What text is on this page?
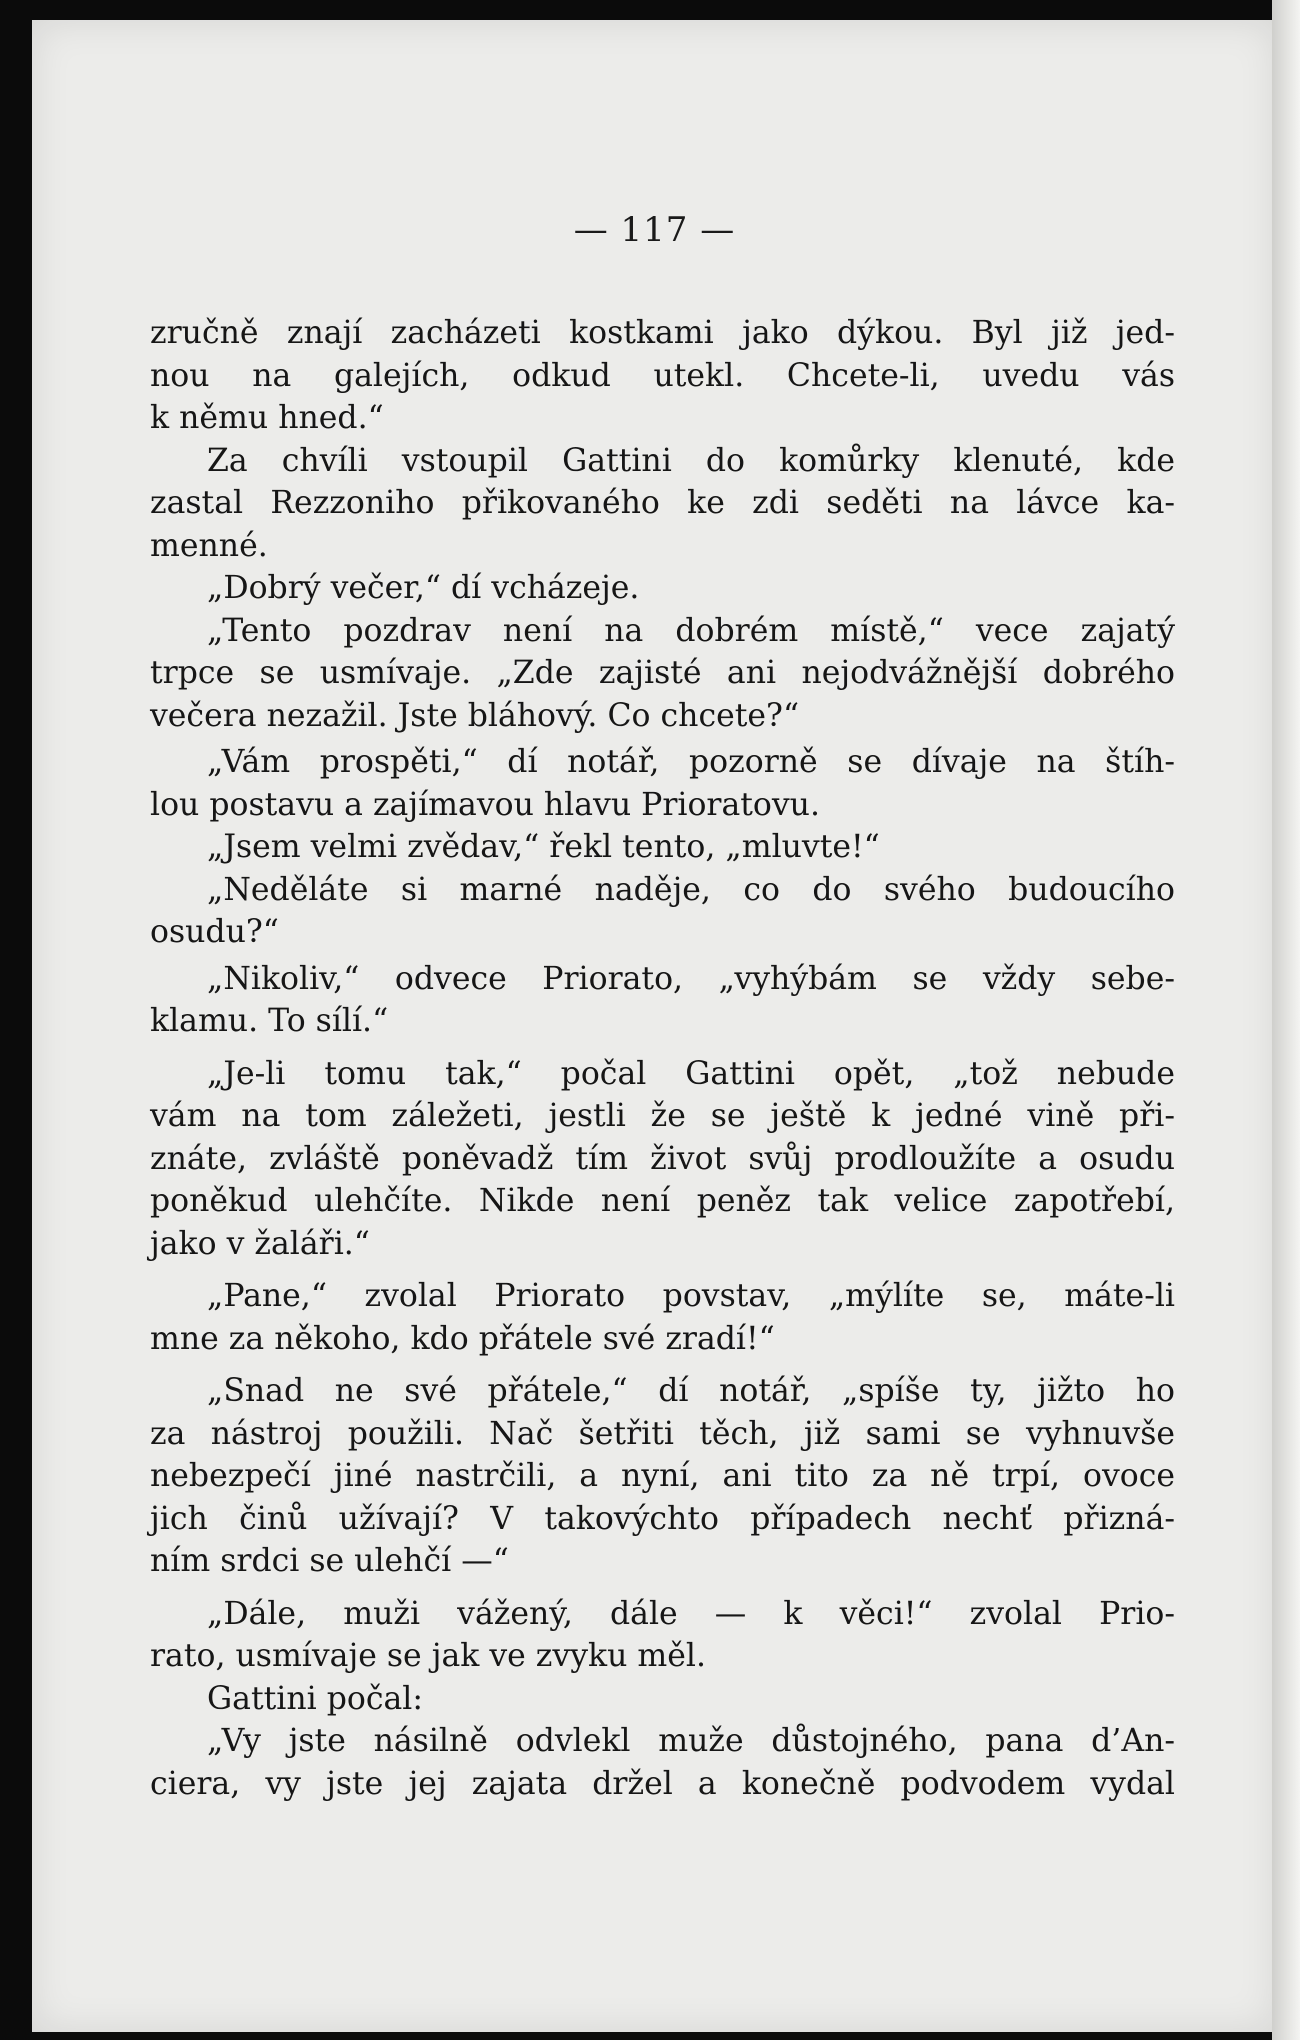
— 117 —
zručně znají zacházeti kostkami jako dýkou. Byl již jed-
nou na galejích, odkud utekl. Chcete-li, uvedu vás
k němu hned.“
Za chvíli vstoupil Gattini do komůrky klenuté, kde
zastal Rezzoniho přikovaného ke zdi seděti na lávce ka-
menné.
„Dobrý večer,“ dí vcházeje.
„Tento pozdrav není na dobrém místě,“ vece zajatý
trpce se usmívaje. „Zde zajisté ani nejodvážnější dobrého
večera nezažil. Jste bláhový. Co chcete?“
„Vám prospěti,“ dí notář, pozorně se dívaje na štíh-
lou postavu a zajímavou hlavu Prioratovu.
„Jsem velmi zvědav,“ řekl tento, „mluvte!“
„Neděláte si marné naděje, co do svého budoucího
osudu?“
„Nikoliv,“ odvece Priorato, „vyhýbám se vždy sebe-
klamu. To sílí.“
„Je-li tomu tak,“ počal Gattini opět, „tož nebude
vám na tom záležeti, jestli že se ještě k jedné vině při-
znáte, zvláště poněvadž tím život svůj prodloužíte a osudu
poněkud ulehčíte. Nikde není peněz tak velice zapotřebí,
jako v žaláři.“
„Pane,“ zvolal Priorato povstav, „mýlíte se, máte-li
mne za někoho, kdo přátele své zradí!“
„Snad ne své přátele,“ dí notář, „spíše ty, jižto ho
za nástroj použili. Nač šetřiti těch, již sami se vyhnuvše
nebezpečí jiné nastrčili, a nyní, ani tito za ně trpí, ovoce
jich činů užívají? V takovýchto případech nechť přizná-
ním srdci se ulehčí —“
„Dále, muži vážený, dále — k věci!“ zvolal Prio-
rato, usmívaje se jak ve zvyku měl.
Gattini počal:
„Vy jste násilně odvlekl muže důstojného, pana d’An-
ciera, vy jste jej zajata držel a konečně podvodem vydal
